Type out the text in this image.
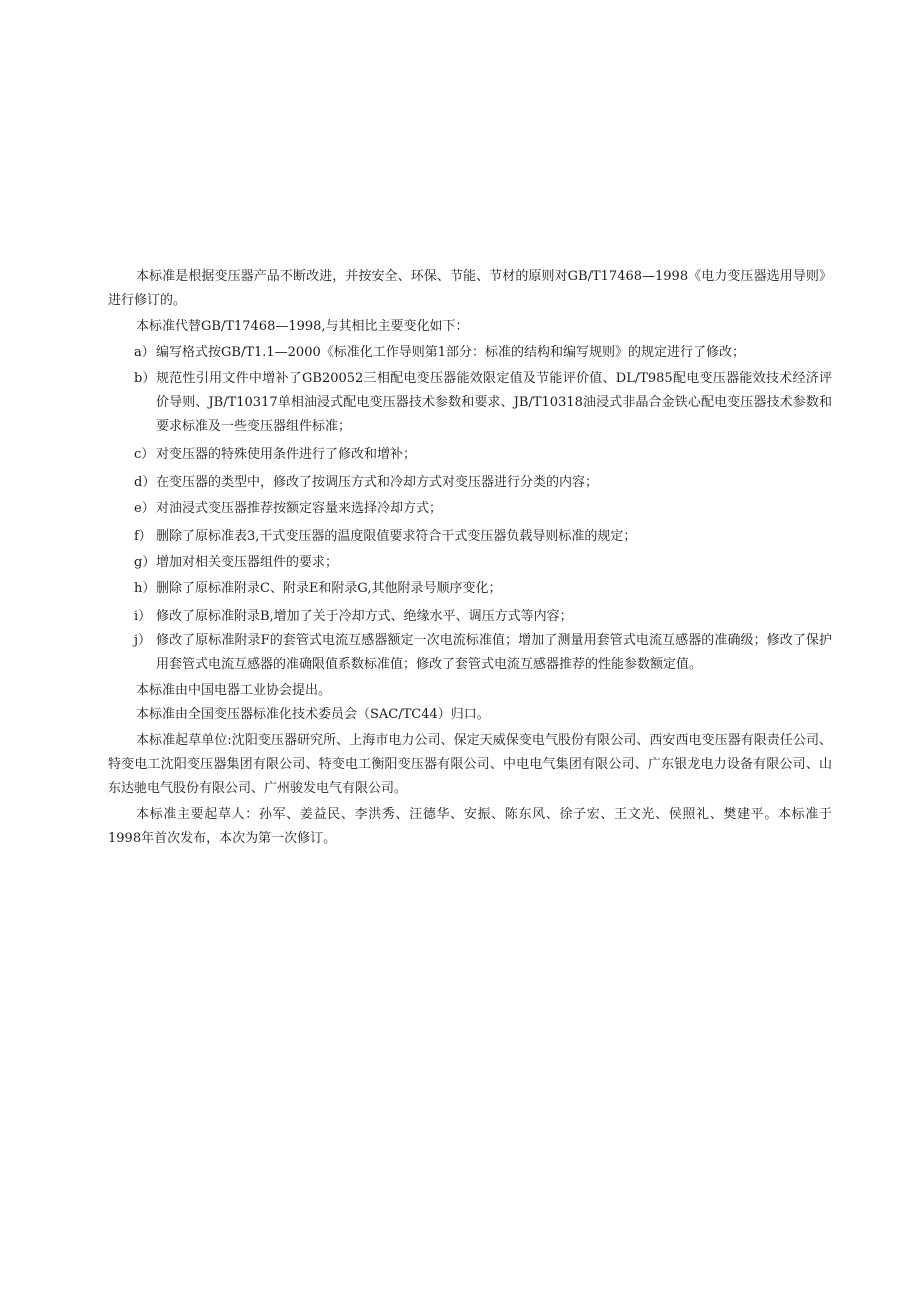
本标准是根据变压器产品不断改进，并按安全、环保、节能、节材的原则对GB/T17468—1998《电力变压器选用导则》进行修订的。

本标准代替GB/T17468—1998,与其相比主要变化如下：

a） 编写格式按GB/T1.1—2000《标准化工作导则第1部分：标准的结构和编写规则》的规定进行了修改；
b） 规范性引用文件中增补了GB20052三相配电变压器能效限定值及节能评价值、DL/T985配电变压器能效技术经济评价导则、JB/T10317单相油浸式配电变压器技术参数和要求、JB/T10318油浸式非晶合金铁心配电变压器技术参数和要求标准及一些变压器组件标准；
c） 对变压器的特殊使用条件进行了修改和增补；
d） 在变压器的类型中，修改了按调压方式和冷却方式对变压器进行分类的内容；
e） 对油浸式变压器推荐按额定容量来选择冷却方式；
f） 删除了原标准表3,干式变压器的温度限值要求符合干式变压器负载导则标准的规定；
g） 增加对相关变压器组件的要求；
h） 删除了原标准附录C、附录E和附录G,其他附录号顺序变化；
i） 修改了原标准附录B,增加了关于冷却方式、绝缘水平、调压方式等内容；
j） 修改了原标准附录F的套管式电流互感器额定一次电流标准值；增加了测量用套管式电流互感器的准确级；修改了保护用套管式电流互感器的准确限值系数标准值；修改了套管式电流互感器推荐的性能参数额定值。

本标准由中国电器工业协会提出。

本标准由全国变压器标准化技术委员会（SAC/TC44）归口。

本标准起草单位:沈阳变压器研究所、上海市电力公司、保定天威保变电气股份有限公司、西安西电变压器有限责任公司、特变电工沈阳变压器集团有限公司、特变电工衡阳变压器有限公司、中电电气集团有限公司、广东银龙电力设备有限公司、山东达驰电气股份有限公司、广州骏发电气有限公司。

本标准主要起草人：孙军、姜益民、李洪秀、汪德华、安振、陈东风、徐子宏、王文光、侯照礼、樊建平。本标准于1998年首次发布，本次为第一次修订。
